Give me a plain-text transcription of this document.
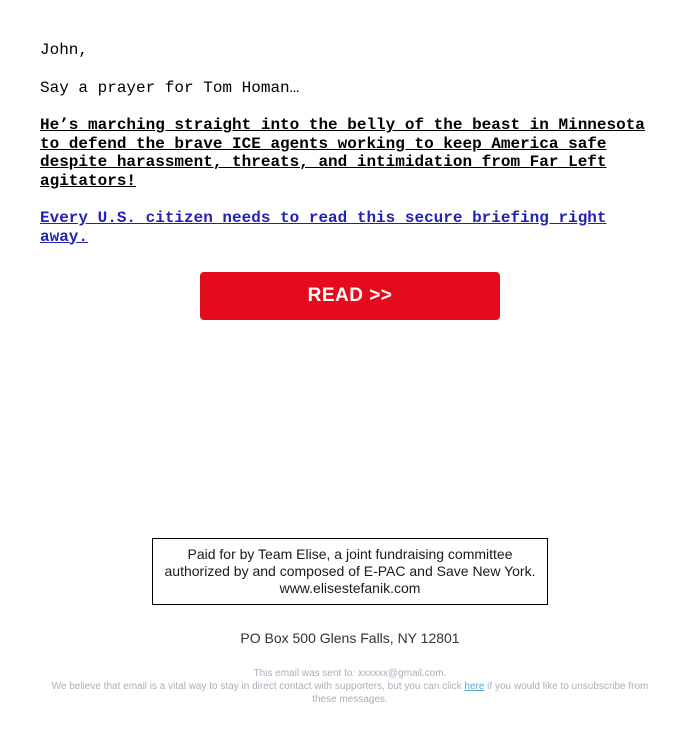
John,

Say a prayer for Tom Homan…

He’s marching straight into the belly of the beast in Minnesota to defend the brave ICE agents working to keep America safe despite harassment, threats, and intimidation from Far Left agitators!

Every U.S. citizen needs to read this secure briefing right away.

READ >>
Paid for by Team Elise, a joint fundraising committee
authorized by and composed of E-PAC and Save New York.
www.elisestefanik.com
PO Box 500 Glens Falls, NY 12801
This email was sent to: xxxxxx@gmail.com.
We believe that email is a vital way to stay in direct contact with supporters, but you can click here if you would like to unsubscribe from these messages.
